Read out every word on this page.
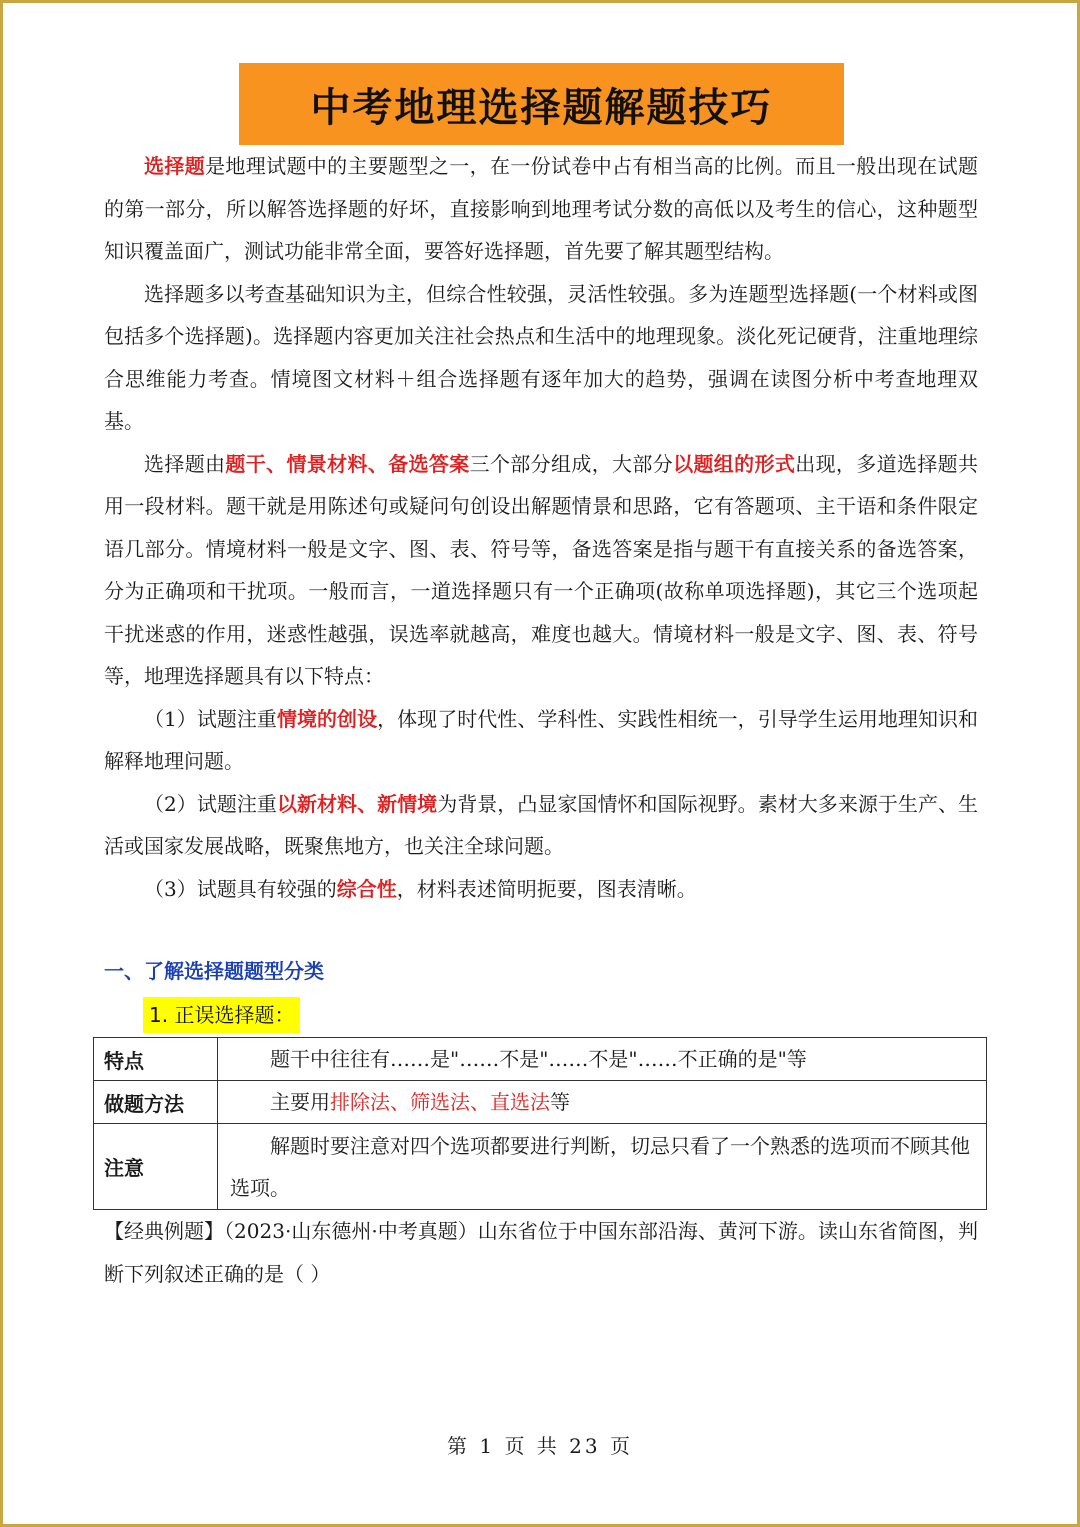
中考地理选择题解题技巧

选择题是地理试题中的主要题型之一，在一份试卷中占有相当高的比例。而且一般出现在试题的第一部分，所以解答选择题的好坏，直接影响到地理考试分数的高低以及考生的信心，这种题型知识覆盖面广，测试功能非常全面，要答好选择题，首先要了解其题型结构。

选择题多以考查基础知识为主，但综合性较强，灵活性较强。多为连题型选择题(一个材料或图包括多个选择题)。选择题内容更加关注社会热点和生活中的地理现象。淡化死记硬背，注重地理综合思维能力考查。情境图文材料＋组合选择题有逐年加大的趋势，强调在读图分析中考查地理双基。

选择题由题干、情景材料、备选答案三个部分组成，大部分以题组的形式出现，多道选择题共用一段材料。题干就是用陈述句或疑问句创设出解题情景和思路，它有答题项、主干语和条件限定语几部分。情境材料一般是文字、图、表、符号等，备选答案是指与题干有直接关系的备选答案，分为正确项和干扰项。一般而言，一道选择题只有一个正确项(故称单项选择题)，其它三个选项起干扰迷惑的作用，迷惑性越强，误选率就越高，难度也越大。情境材料一般是文字、图、表、符号等，地理选择题具有以下特点：

（1）试题注重情境的创设，体现了时代性、学科性、实践性相统一，引导学生运用地理知识和解释地理问题。

（2）试题注重以新材料、新情境为背景，凸显家国情怀和国际视野。素材大多来源于生产、生活或国家发展战略，既聚焦地方，也关注全球问题。

（3）试题具有较强的综合性，材料表述简明扼要，图表清晰。

一、了解选择题题型分类
1. 正误选择题：
特点	题干中往往有……是"……不是"……不是"……不正确的是"等
做题方法	主要用排除法、筛选法、直选法等
注意	解题时要注意对四个选项都要进行判断，切忌只看了一个熟悉的选项而不顾其他选项。
【经典例题】（2023·山东德州·中考真题）山东省位于中国东部沿海、黄河下游。读山东省简图，判断下列叙述正确的是（ ）
第 1 页 共 23 页
